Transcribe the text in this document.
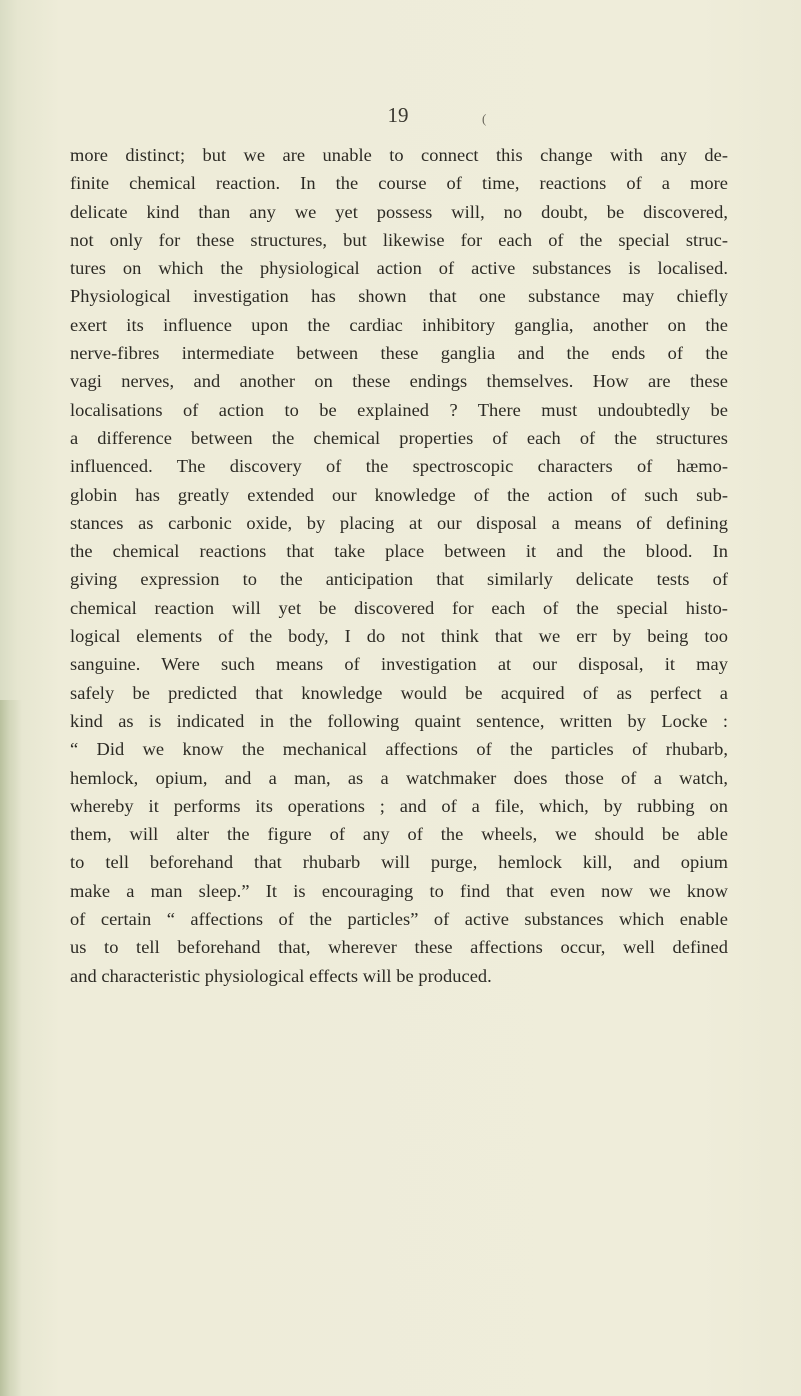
19	(
more distinct; but we are unable to connect this change with any de-
finite chemical reaction. In the course of time, reactions of a more
delicate kind than any we yet possess will, no doubt, be discovered,
not only for these structures, but likewise for each of the special struc-
tures on which the physiological action of active substances is localised.
Physiological investigation has shown that one substance may chiefly
exert its influence upon the cardiac inhibitory ganglia, another on the
nerve-fibres intermediate between these ganglia and the ends of the
vagi nerves, and another on these endings themselves. How are these
localisations of action to be explained ? There must undoubtedly be
a difference between the chemical properties of each of the structures
influenced. The discovery of the spectroscopic characters of hæmo-
globin has greatly extended our knowledge of the action of such sub-
stances as carbonic oxide, by placing at our disposal a means of defining
the chemical reactions that take place between it and the blood. In
giving expression to the anticipation that similarly delicate tests of
chemical reaction will yet be discovered for each of the special histo-
logical elements of the body, I do not think that we err by being too
sanguine. Were such means of investigation at our disposal, it may
safely be predicted that knowledge would be acquired of as perfect a
kind as is indicated in the following quaint sentence, written by Locke :
“ Did we know the mechanical affections of the particles of rhubarb,
hemlock, opium, and a man, as a watchmaker does those of a watch,
whereby it performs its operations ; and of a file, which, by rubbing on
them, will alter the figure of any of the wheels, we should be able
to tell beforehand that rhubarb will purge, hemlock kill, and opium
make a man sleep.” It is encouraging to find that even now we know
of certain “ affections of the particles” of active substances which enable
us to tell beforehand that, wherever these affections occur, well defined
and characteristic physiological effects will be produced.
